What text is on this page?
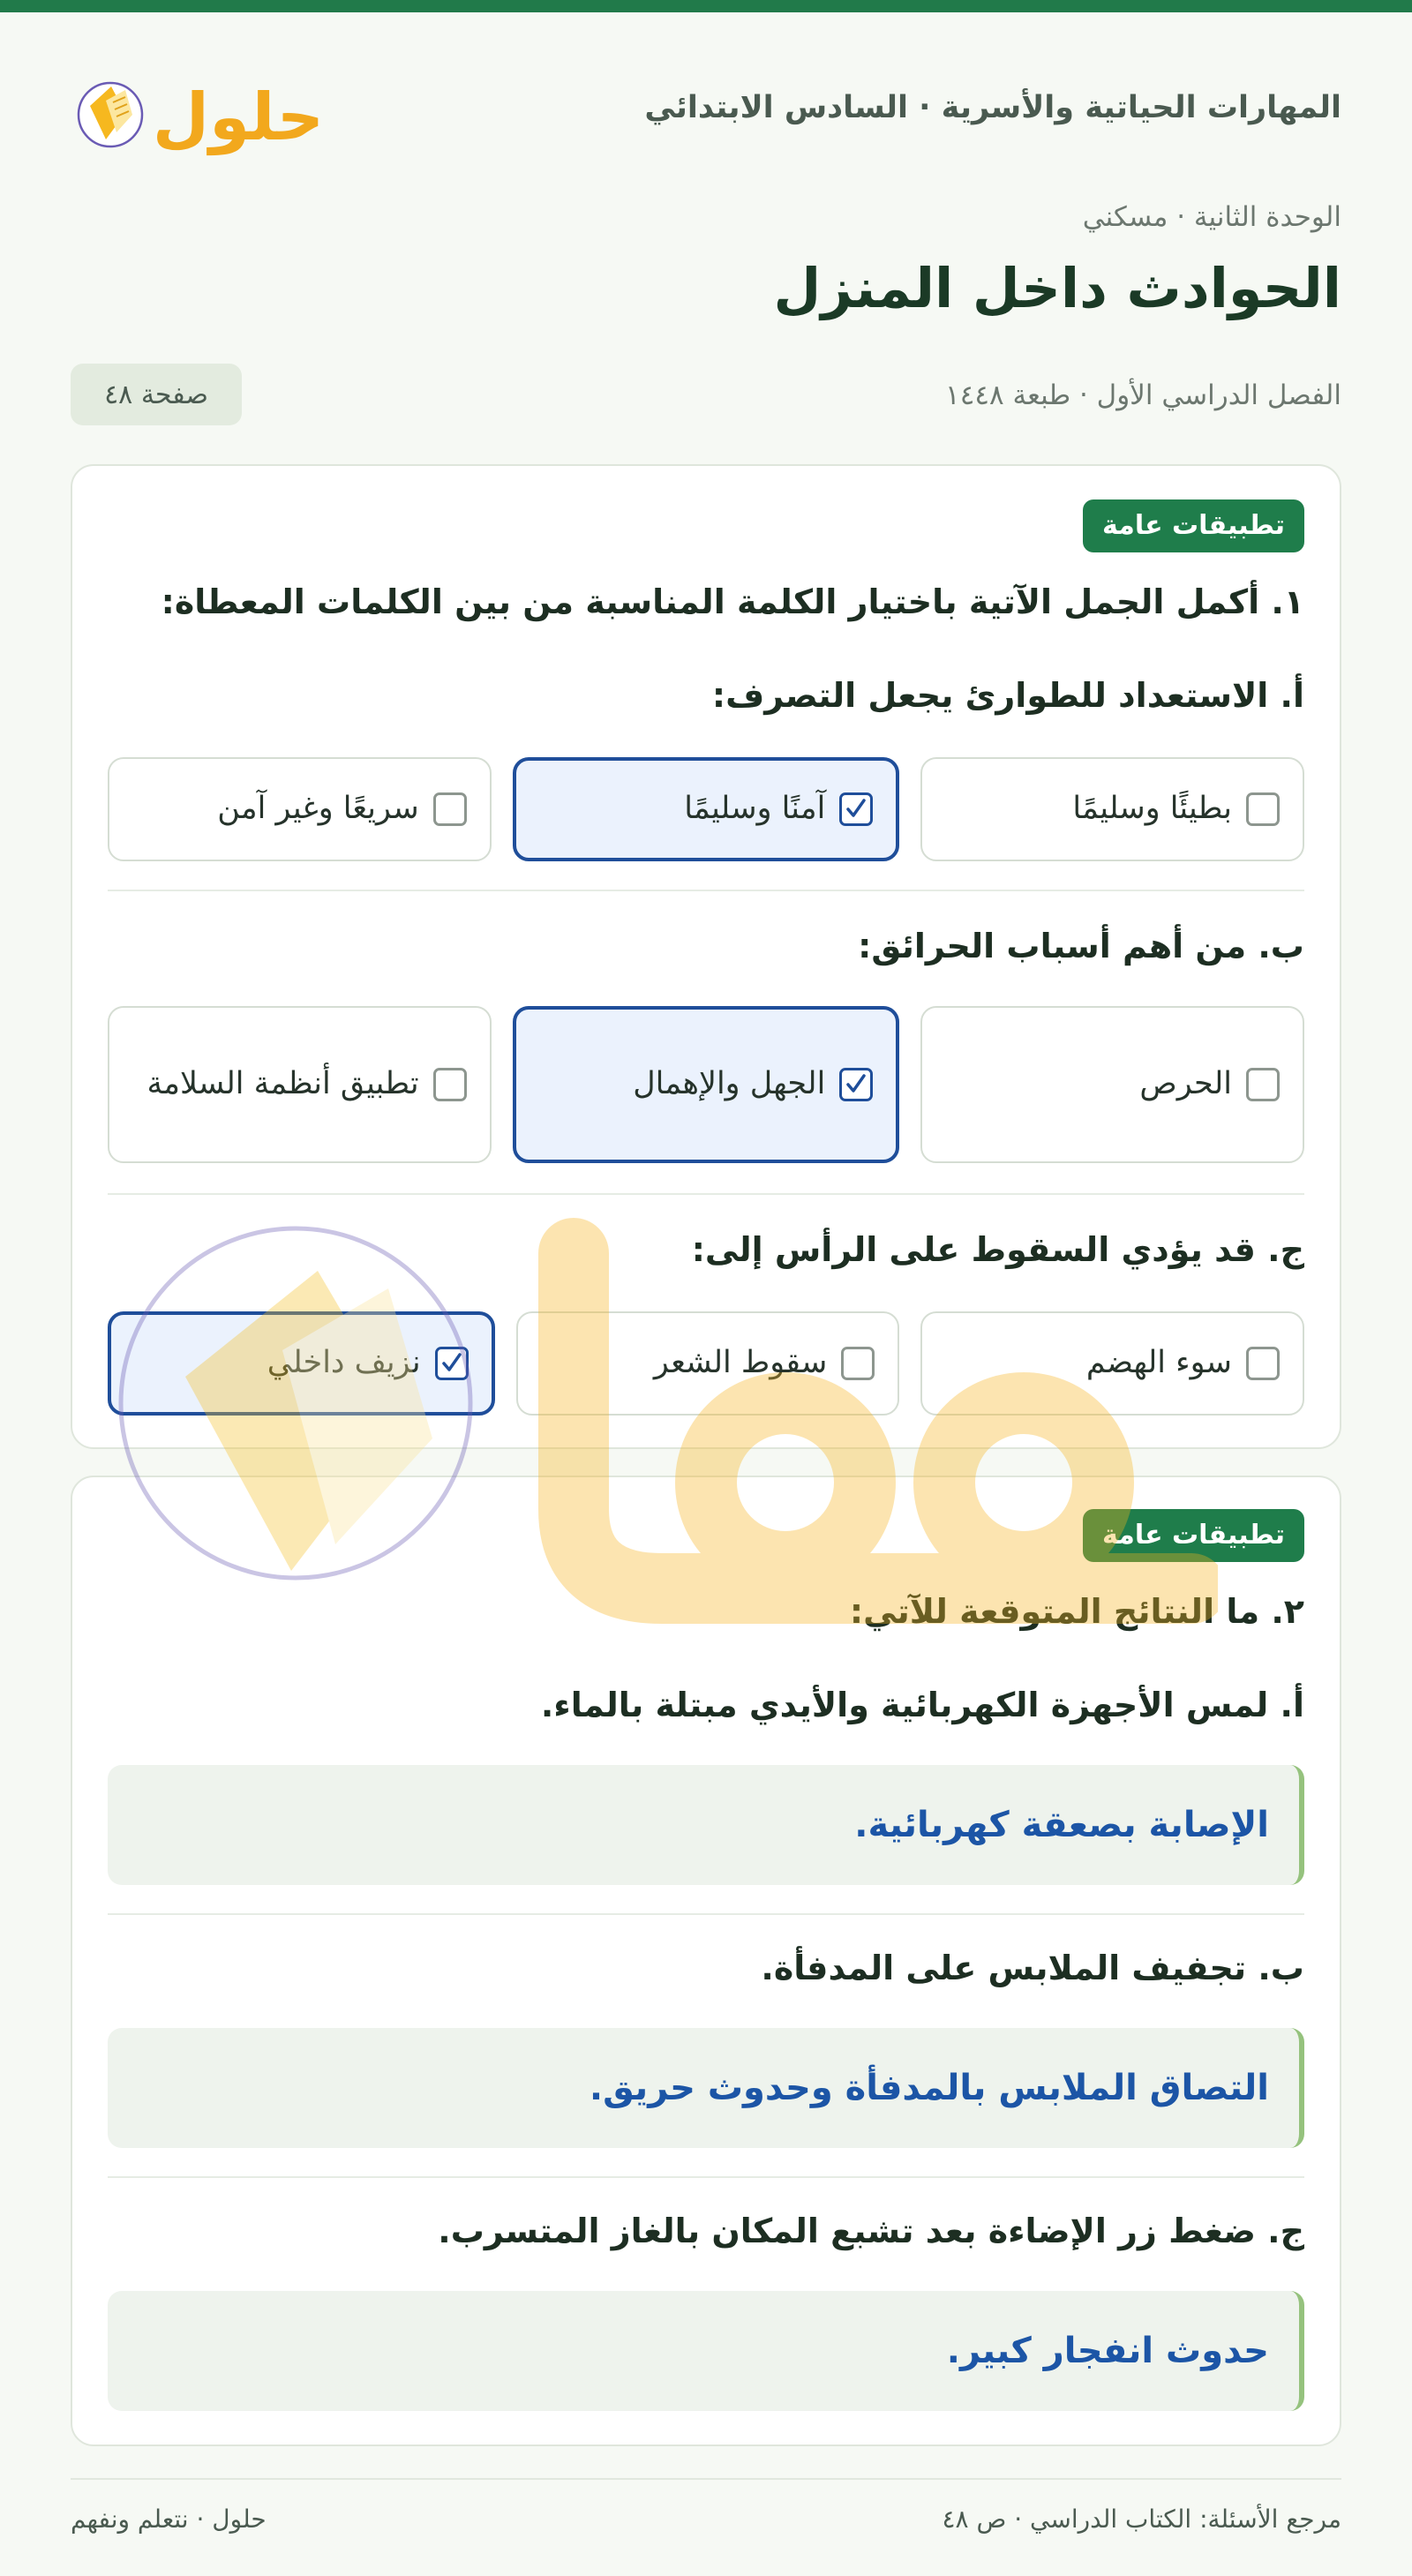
المهارات الحياتية والأسرية · السادس الابتدائي
حلول
الوحدة الثانية · مسكني
الحوادث داخل المنزل
الفصل الدراسي الأول · طبعة ١٤٤٨
صفحة ٤٨
تطبيقات عامة
١. أكمل الجمل الآتية باختيار الكلمة المناسبة من بين الكلمات المعطاة:
أ. الاستعداد للطوارئ يجعل التصرف:
بطيئًا وسليمًا
آمنًا وسليمًا
سريعًا وغير آمن
ب. من أهم أسباب الحرائق:
الحرص
الجهل والإهمال
تطبيق أنظمة السلامة
ج. قد يؤدي السقوط على الرأس إلى:
سوء الهضم
سقوط الشعر
نزيف داخلي
تطبيقات عامة
٢. ما النتائج المتوقعة للآتي:
أ. لمس الأجهزة الكهربائية والأيدي مبتلة بالماء.
الإصابة بصعقة كهربائية.
ب. تجفيف الملابس على المدفأة.
التصاق الملابس بالمدفأة وحدوث حريق.
ج. ضغط زر الإضاءة بعد تشبع المكان بالغاز المتسرب.
حدوث انفجار كبير.
مرجع الأسئلة: الكتاب الدراسي · ص ٤٨
حلول · نتعلم ونفهم
